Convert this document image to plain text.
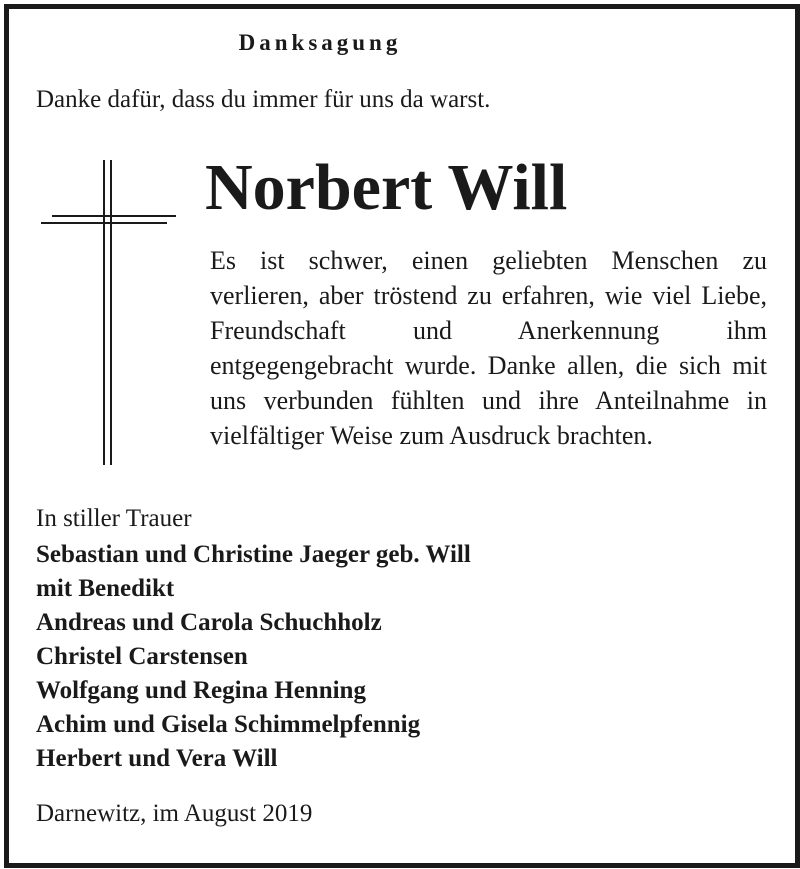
Danksagung
Danke dafür, dass du immer für uns da warst.
Norbert Will
Es ist schwer, einen geliebten Menschen zu verlieren, aber tröstend zu erfahren, wie viel Liebe, Freundschaft und Anerkennung ihm entgegengebracht wurde. Danke allen, die sich mit uns verbunden fühlten und ihre Anteilnahme in vielfältiger Weise zum Ausdruck brachten.
In stiller Trauer
Sebastian und Christine Jaeger geb. Will
mit Benedikt
Andreas und Carola Schuchholz
Christel Carstensen
Wolfgang und Regina Henning
Achim und Gisela Schimmelpfennig
Herbert und Vera Will
Darnewitz, im August 2019
